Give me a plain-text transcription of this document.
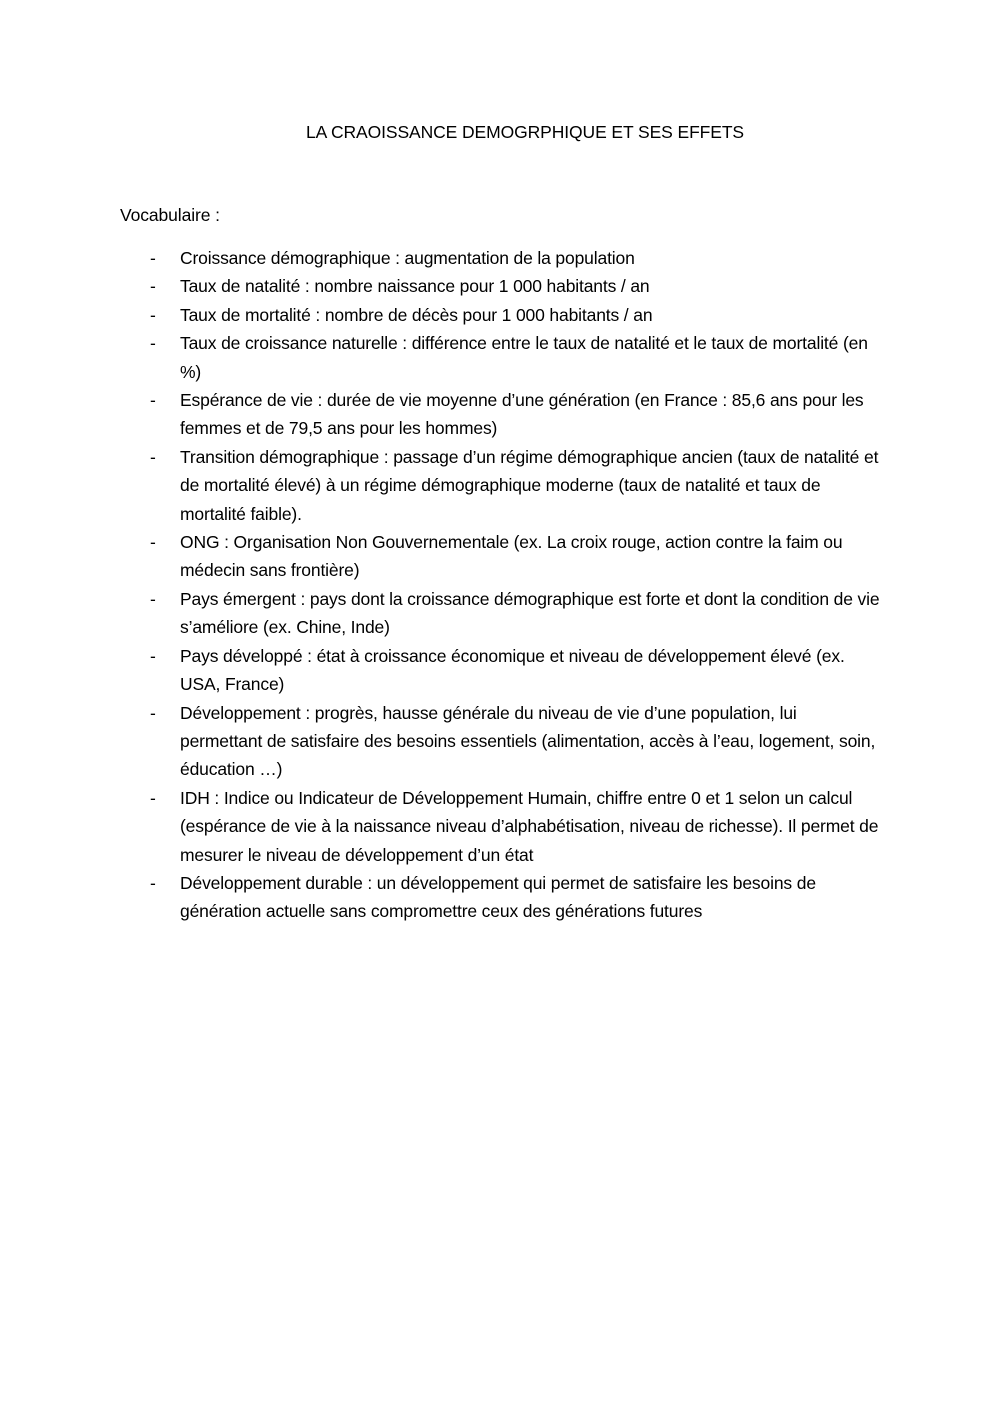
LA CRAOISSANCE DEMOGRPHIQUE ET SES EFFETS
Vocabulaire :
- Croissance démographique : augmentation de la population
- Taux de natalité : nombre naissance pour 1 000 habitants / an
- Taux de mortalité : nombre de décès pour 1 000 habitants / an
- Taux de croissance naturelle : différence entre le taux de natalité et le taux de mortalité (en %)
- Espérance de vie : durée de vie moyenne d’une génération (en France : 85,6 ans pour les femmes et de 79,5 ans pour les hommes)
- Transition démographique : passage d’un régime démographique ancien (taux de natalité et de mortalité élevé) à un régime démographique moderne (taux de natalité et taux de mortalité faible).
- ONG : Organisation Non Gouvernementale (ex. La croix rouge, action contre la faim ou médecin sans frontière)
- Pays émergent : pays dont la croissance démographique est forte et dont la condition de vie s’améliore (ex. Chine, Inde)
- Pays développé : état à croissance économique et niveau de développement élevé (ex. USA, France)
- Développement : progrès, hausse générale du niveau de vie d’une population, lui permettant de satisfaire des besoins essentiels (alimentation, accès à l’eau, logement, soin, éducation …)
- IDH : Indice ou Indicateur de Développement Humain, chiffre entre 0 et 1 selon un calcul (espérance de vie à la naissance niveau d’alphabétisation, niveau de richesse). Il permet de mesurer le niveau de développement d’un état
- Développement durable : un développement qui permet de satisfaire les besoins de génération actuelle sans compromettre ceux des générations futures
